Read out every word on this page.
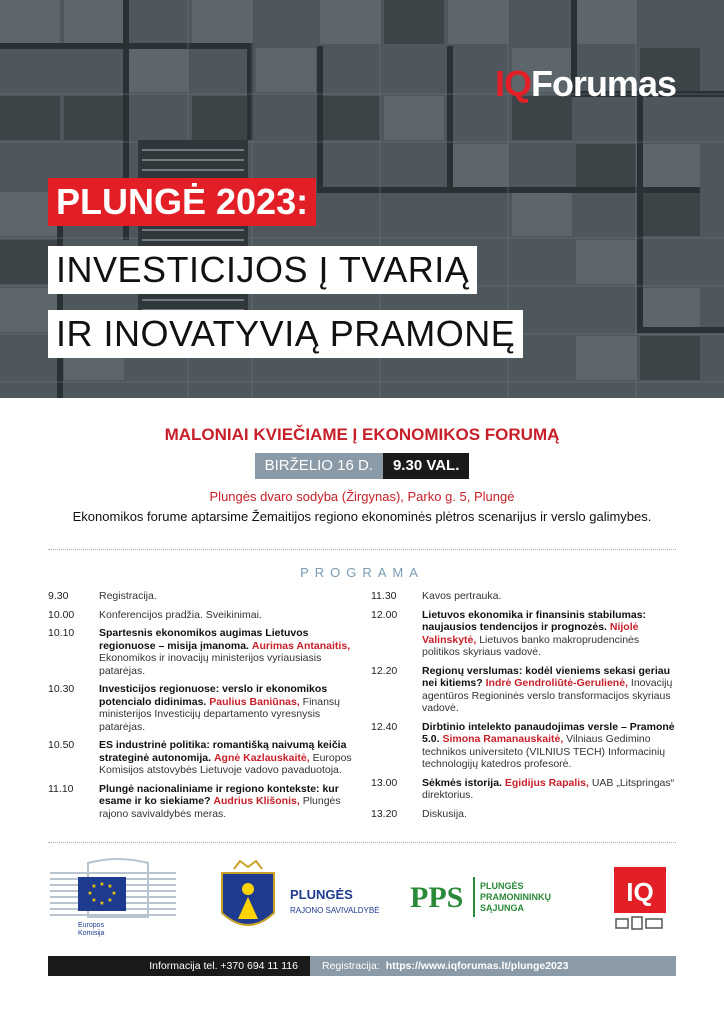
IQForumas
PLUNGĖ 2023:
INVESTICIJOS Į TVARIĄ
IR INOVATYVIĄ PRAMONĘ
MALONIAI KVIEČIAME Į EKONOMIKOS FORUMĄ
BIRŽELIO 16 D.	9.30 VAL.
Plungės dvaro sodyba (Žirgynas), Parko g. 5, Plungė
Ekonomikos forume aptarsime Žemaitijos regiono ekonominės plėtros scenarijus ir verslo galimybes.
PROGRAMA
9.30	Registracija.
10.00	Konferencijos pradžia. Sveikinimai.
10.10	Spartesnis ekonomikos augimas Lietuvos regionuose – misija įmanoma. Aurimas Antanaitis, Ekonomikos ir inovacijų ministerijos vyriausiasis patarėjas.
10.30	Investicijos regionuose: verslo ir ekonomikos potencialo didinimas. Paulius Baniūnas, Finansų ministerijos Investicijų departamento vyresnysis patarėjas.
10.50	ES industrinė politika: romantišką naivumą keičia strateginė autonomija. Agnė Kazlauskaitė, Europos Komisijos atstovybės Lietuvoje vadovo pavaduotoja.
11.10	Plungė nacionaliniame ir regiono kontekste: kur esame ir ko siekiame? Audrius Klišonis, Plungės rajono savivaldybės meras.
11.30	Kavos pertrauka.
12.00	Lietuvos ekonomika ir finansinis stabilumas: naujausios tendencijos ir prognozės. Nijolė Valinskytė, Lietuvos banko makroprudencinės politikos skyriaus vadovė.
12.20	Regionų verslumas: kodėl vieniems sekasi geriau nei kitiems? Indrė Gendroliūtė-Gerulienė, Inovacijų agentūros Regioninės verslo transformacijos skyriaus vadovė.
12.40	Dirbtinio intelekto panaudojimas versle – Pramonė 5.0. Simona Ramanauskaitė, Vilniaus Gedimino technikos universiteto (VILNIUS TECH) Informacinių technologijų katedros profesorė.
13.00	Sėkmės istorija. Egidijus Rapalis, UAB „Litspringas“ direktorius.
13.20	Diskusija.
★ ★
★
★
★
★
★
★
Europos
Komisija
PLUNGĖS
RAJONO SAVIVALDYBĖ PPS PLUNGĖS
PRAMONININKŲ
SĄJUNGA
IQ
Informacija tel. +370 694 11 116	Registracija: https://www.iqforumas.lt/plunge2023
